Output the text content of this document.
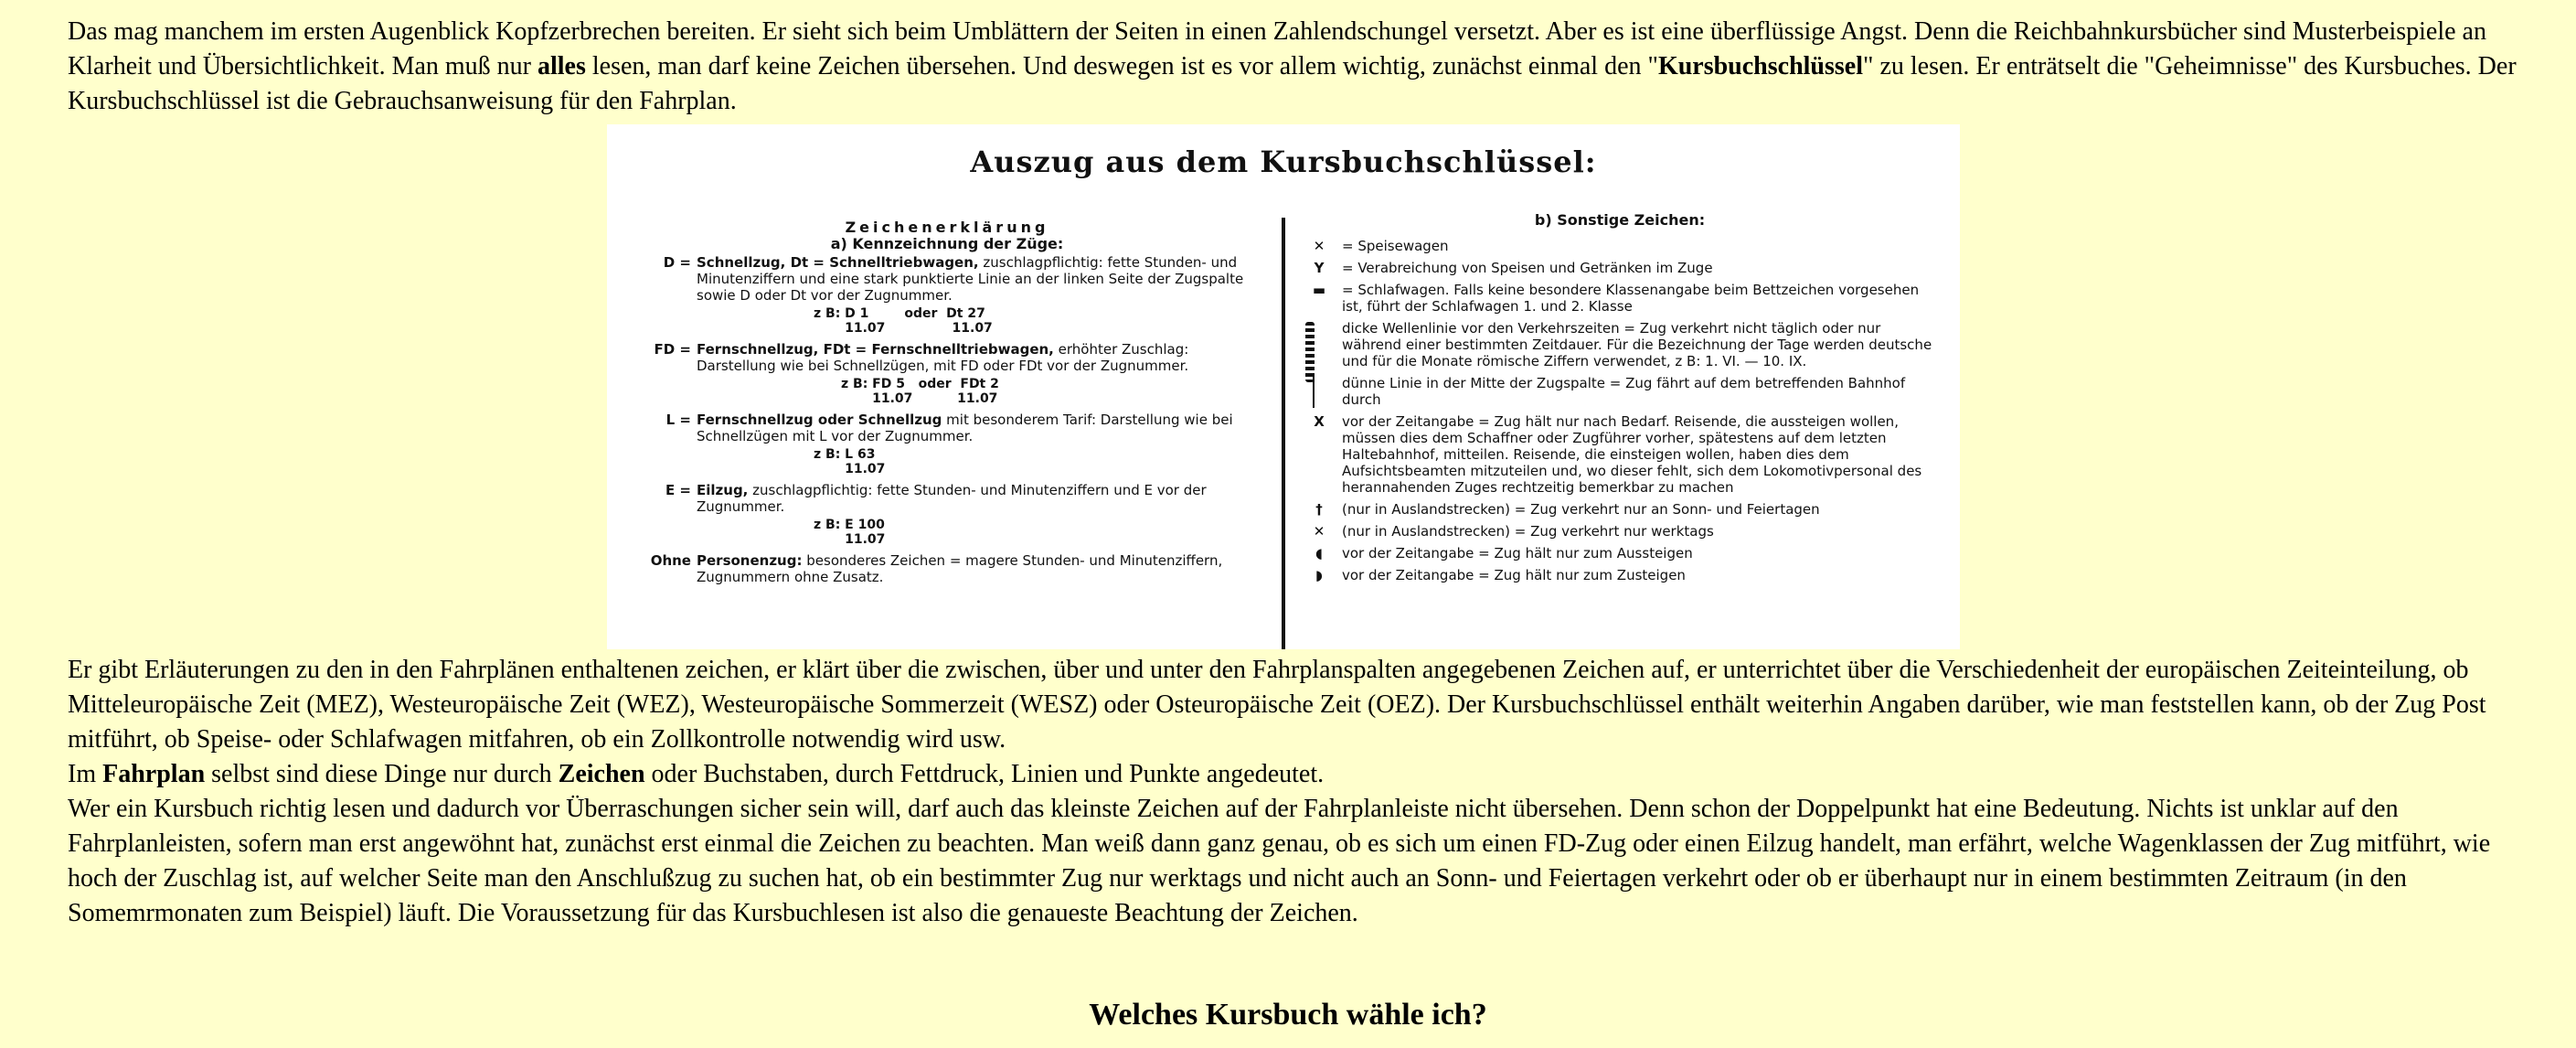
Das mag manchem im ersten Augenblick Kopfzerbrechen bereiten. Er sieht sich beim Umblättern der Seiten in einen Zahlendschungel versetzt. Aber es ist eine überflüssige Angst. Denn die Reichbahnkursbücher sind Musterbeispiele an Klarheit und Übersichtlichkeit. Man muß nur alles lesen, man darf keine Zeichen übersehen. Und deswegen ist es vor allem wichtig, zunächst einmal den "Kursbuchschlüssel" zu lesen. Er enträtselt die "Geheimnisse" des Kursbuches. Der Kursbuchschlüssel ist die Gebrauchsanweisung für den Fahrplan.

Auszug aus dem Kursbuchschlüssel:
Zeichenerklärung
a) Kennzeichnung der Züge:
D = Schnellzug, Dt = Schnelltriebwagen, zuschlagpflichtig: fette Stunden- und Minutenziffern und eine stark punktierte Linie an der linken Seite der Zugspalte sowie D oder Dt vor der Zugnummer.
z B: D 1        oder  Dt 27
11.07               11.07
FD = Fernschnellzug, FDt = Fernschnelltriebwagen, erhöhter Zuschlag: Darstellung wie bei Schnellzügen, mit FD oder FDt vor der Zugnummer.
z B: FD 5   oder  FDt 2
11.07          11.07
L = Fernschnellzug oder Schnellzug mit besonderem Tarif: Darstellung wie bei Schnellzügen mit L vor der Zugnummer.
z B: L 63
11.07
E = Eilzug, zuschlagpflichtig: fette Stunden- und Minutenziffern und E vor der Zugnummer.
z B: E 100
11.07
Ohne Personenzug: besonderes Zeichen = magere Stunden- und Minutenziffern, Zugnummern ohne Zusatz.
b) Sonstige Zeichen:
✕	= Speisewagen
Y	= Verabreichung von Speisen und Getränken im Zuge
▬	= Schlafwagen. Falls keine besondere Klassenangabe beim Bettzeichen vorgesehen ist, führt der Schlafwagen 1. und 2. Klasse
dicke Wellenlinie vor den Verkehrszeiten = Zug verkehrt nicht täglich oder nur während einer bestimmten Zeitdauer. Für die Bezeichnung der Tage werden deutsche und für die Monate römische Ziffern verwendet, z B: 1. VI. — 10. IX.
dünne Linie in der Mitte der Zugspalte = Zug fährt auf dem betreffenden Bahnhof durch
X	vor der Zeitangabe = Zug hält nur nach Bedarf. Reisende, die aussteigen wollen, müssen dies dem Schaffner oder Zugführer vorher, spätestens auf dem letzten Haltebahnhof, mitteilen. Reisende, die einsteigen wollen, haben dies dem Aufsichtsbeamten mitzuteilen und, wo dieser fehlt, sich dem Lokomotivpersonal des herannahenden Zuges rechtzeitig bemerkbar zu machen
†	(nur in Auslandstrecken) = Zug verkehrt nur an Sonn- und Feiertagen
✕	(nur in Auslandstrecken) = Zug verkehrt nur werktags
◖	vor der Zeitangabe = Zug hält nur zum Aussteigen
◗	vor der Zeitangabe = Zug hält nur zum Zusteigen

Er gibt Erläuterungen zu den in den Fahrplänen enthaltenen zeichen, er klärt über die zwischen, über und unter den Fahrplanspalten angegebenen Zeichen auf, er unterrichtet über die Verschiedenheit der europäischen Zeiteinteilung, ob Mitteleuropäische Zeit (MEZ), Westeuropäische Zeit (WEZ), Westeuropäische Sommerzeit (WESZ) oder Osteuropäische Zeit (OEZ). Der Kursbuchschlüssel enthält weiterhin Angaben darüber, wie man feststellen kann, ob der Zug Post mitführt, ob Speise- oder Schlafwagen mitfahren, ob ein Zollkontrolle notwendig wird usw.
Im Fahrplan selbst sind diese Dinge nur durch Zeichen oder Buchstaben, durch Fettdruck, Linien und Punkte angedeutet.
Wer ein Kursbuch richtig lesen und dadurch vor Überraschungen sicher sein will, darf auch das kleinste Zeichen auf der Fahrplanleiste nicht übersehen. Denn schon der Doppelpunkt hat eine Bedeutung. Nichts ist unklar auf den Fahrplanleisten, sofern man erst angewöhnt hat, zunächst erst einmal die Zeichen zu beachten. Man weiß dann ganz genau, ob es sich um einen FD-Zug oder einen Eilzug handelt, man erfährt, welche Wagenklassen der Zug mitführt, wie hoch der Zuschlag ist, auf welcher Seite man den Anschlußzug zu suchen hat, ob ein bestimmter Zug nur werktags und nicht auch an Sonn- und Feiertagen verkehrt oder ob er überhaupt nur in einem bestimmten Zeitraum (in den Somemrmonaten zum Beispiel) läuft. Die Voraussetzung für das Kursbuchlesen ist also die genaueste Beachtung der Zeichen.

Welches Kursbuch wähle ich?
